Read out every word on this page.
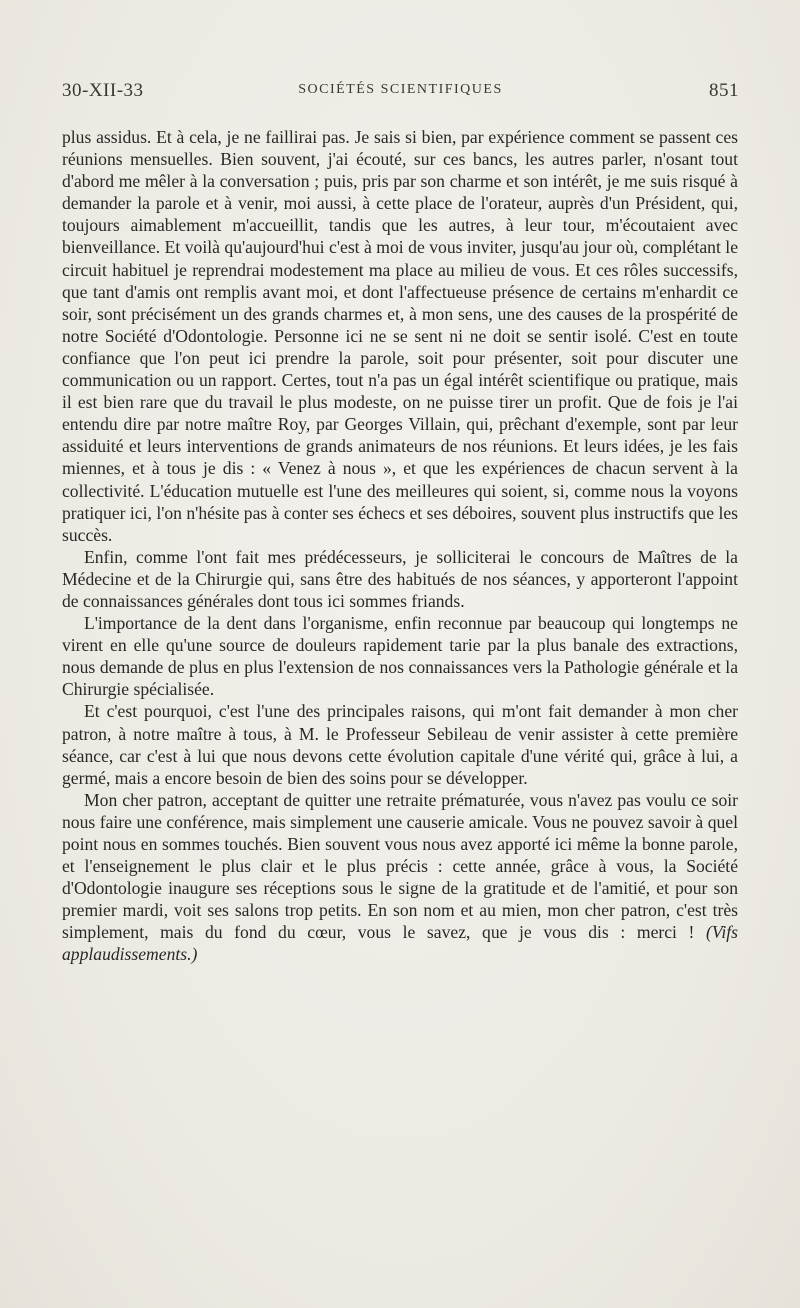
30-XII-33	SOCIÉTÉS SCIENTIFIQUES	851

plus assidus. Et à cela, je ne faillirai pas. Je sais si bien, par expérience comment se passent ces réunions mensuelles. Bien souvent, j'ai écouté, sur ces bancs, les autres parler, n'osant tout d'abord me mêler à la conversation ; puis, pris par son charme et son intérêt, je me suis risqué à demander la parole et à venir, moi aussi, à cette place de l'orateur, auprès d'un Président, qui, toujours aimablement m'accueillit, tandis que les autres, à leur tour, m'écoutaient avec bienveillance. Et voilà qu'aujourd'hui c'est à moi de vous inviter, jusqu'au jour où, complétant le circuit habituel je reprendrai modestement ma place au milieu de vous. Et ces rôles successifs, que tant d'amis ont remplis avant moi, et dont l'affectueuse présence de certains m'enhardit ce soir, sont précisément un des grands charmes et, à mon sens, une des causes de la prospérité de notre Société d'Odontologie. Personne ici ne se sent ni ne doit se sentir isolé. C'est en toute confiance que l'on peut ici prendre la parole, soit pour présenter, soit pour discuter une communication ou un rapport. Certes, tout n'a pas un égal intérêt scientifique ou pratique, mais il est bien rare que du travail le plus modeste, on ne puisse tirer un profit. Que de fois je l'ai entendu dire par notre maître Roy, par Georges Villain, qui, prêchant d'exemple, sont par leur assiduité et leurs interventions de grands animateurs de nos réunions. Et leurs idées, je les fais miennes, et à tous je dis : « Venez à nous », et que les expériences de chacun servent à la collectivité. L'éducation mutuelle est l'une des meilleures qui soient, si, comme nous la voyons pratiquer ici, l'on n'hésite pas à conter ses échecs et ses déboires, souvent plus instructifs que les succès.

Enfin, comme l'ont fait mes prédécesseurs, je solliciterai le concours de Maîtres de la Médecine et de la Chirurgie qui, sans être des habitués de nos séances, y apporteront l'appoint de connaissances générales dont tous ici sommes friands.

L'importance de la dent dans l'organisme, enfin reconnue par beaucoup qui longtemps ne virent en elle qu'une source de douleurs rapidement tarie par la plus banale des extractions, nous demande de plus en plus l'extension de nos connaissances vers la Pathologie générale et la Chirurgie spécialisée.

Et c'est pourquoi, c'est l'une des principales raisons, qui m'ont fait demander à mon cher patron, à notre maître à tous, à M. le Professeur Sebileau de venir assister à cette première séance, car c'est à lui que nous devons cette évolution capitale d'une vérité qui, grâce à lui, a germé, mais a encore besoin de bien des soins pour se développer.

Mon cher patron, acceptant de quitter une retraite prématurée, vous n'avez pas voulu ce soir nous faire une conférence, mais simplement une causerie amicale. Vous ne pouvez savoir à quel point nous en sommes touchés. Bien souvent vous nous avez apporté ici même la bonne parole, et l'enseignement le plus clair et le plus précis : cette année, grâce à vous, la Société d'Odontologie inaugure ses réceptions sous le signe de la gratitude et de l'amitié, et pour son premier mardi, voit ses salons trop petits. En son nom et au mien, mon cher patron, c'est très simplement, mais du fond du cœur, vous le savez, que je vous dis : merci ! (Vifs applaudissements.)
